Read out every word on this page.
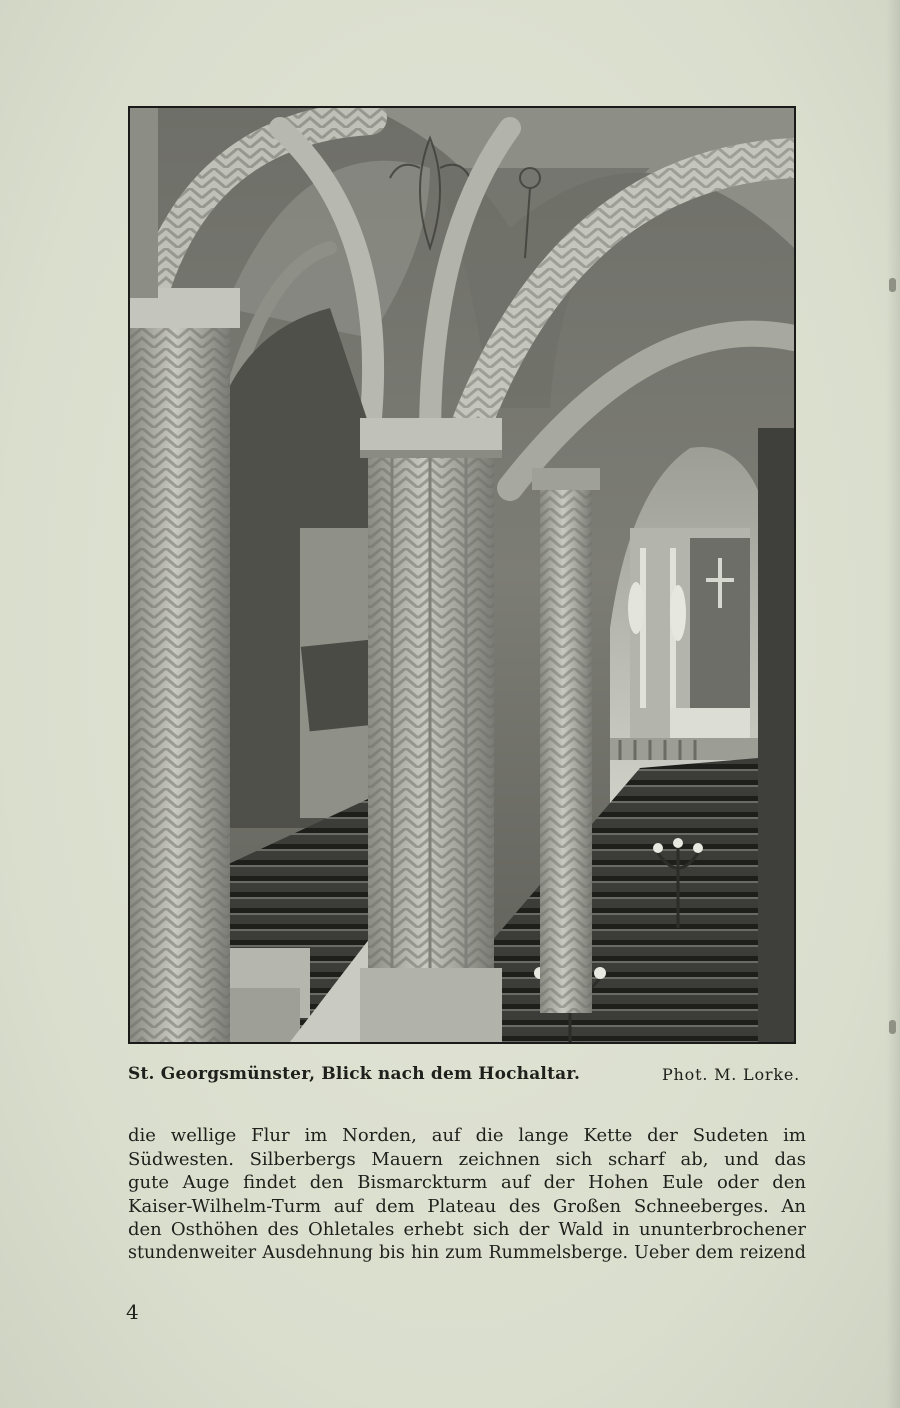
St. Georgsmünster, Blick nach dem Hochaltar.	Phot. M. Lorke.
die wellige Flur im Norden, auf die lange Kette der Sudeten im
Südwesten. Silberbergs Mauern zeichnen sich scharf ab, und das
gute Auge findet den Bismarckturm auf der Hohen Eule oder den
Kaiser-Wilhelm-Turm auf dem Plateau des Großen Schneeberges. An
den Osthöhen des Ohletales erhebt sich der Wald in ununterbrochener
stundenweiter Ausdehnung bis hin zum Rummelsberge. Ueber dem reizend
4
